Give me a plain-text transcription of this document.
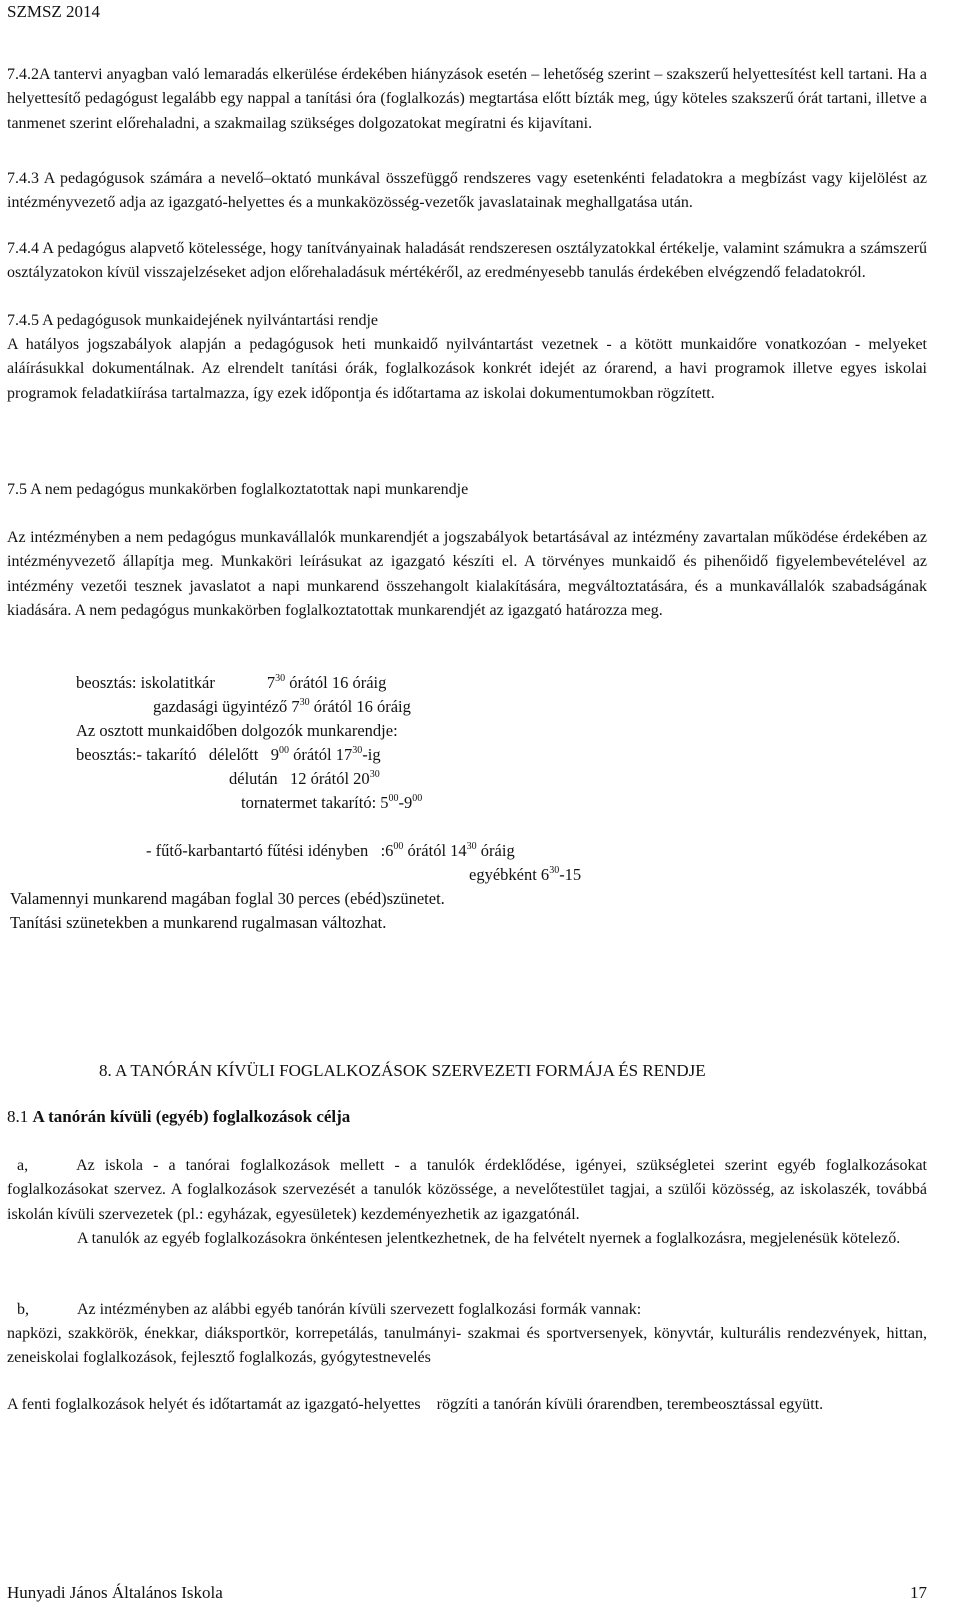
SZMSZ 2014

7.4.2A tantervi anyagban való lemaradás elkerülése érdekében hiányzások esetén – lehetőség szerint – szakszerű helyettesítést kell tartani. Ha a helyettesítő pedagógust legalább egy nappal a tanítási óra (foglalkozás) megtartása előtt bízták meg, úgy köteles szakszerű órát tartani, illetve a tanmenet szerint előrehaladni, a szakmailag szükséges dolgozatokat megíratni és kijavítani.

7.4.3 A pedagógusok számára a nevelő–oktató munkával összefüggő rendszeres vagy esetenkénti feladatokra a megbízást vagy kijelölést az intézményvezető adja az igazgató-helyettes és a munkaközösség-vezetők javaslatainak meghallgatása után.

7.4.4 A pedagógus alapvető kötelessége, hogy tanítványainak haladását rendszeresen osztályzatokkal értékelje, valamint számukra a számszerű osztályzatokon kívül visszajelzéseket adjon előrehaladásuk mértékéről, az eredményesebb tanulás érdekében elvégzendő feladatokról.

7.4.5 A pedagógusok munkaidejének nyilvántartási rendje

A hatályos jogszabályok alapján a pedagógusok heti munkaidő nyilvántartást vezetnek - a kötött munkaidőre vonatkozóan - melyeket aláírásukkal dokumentálnak. Az elrendelt tanítási órák, foglalkozások konkrét idejét az órarend, a havi programok illetve egyes iskolai programok feladatkiírása tartalmazza, így ezek időpontja és időtartama az iskolai dokumentumokban rögzített.

7.5 A nem pedagógus munkakörben foglalkoztatottak napi munkarendje

Az intézményben a nem pedagógus munkavállalók munkarendjét a jogszabályok betartásával az intézmény zavartalan működése érdekében az intézményvezető állapítja meg. Munkaköri leírásukat az igazgató készíti el. A törvényes munkaidő és pihenőidő figyelembevételével az intézmény vezetői tesznek javaslatot a napi munkarend összehangolt kialakítására, megváltoztatására, és a munkavállalók szabadságának kiadására. A nem pedagógus munkakörben foglalkoztatottak munkarendjét az igazgató határozza meg.

beosztás: iskolatitkár	$7^{30}$ órától 16 óráig

gazdasági ügyintéző $7^{30}$ órától 16 óráig

Az osztott munkaidőben dolgozók munkarendje:

beosztás:- takarító   délelőtt   $9^{00}$ órától $17^{30}-ig$

délután   12 órától $20^{30}$

tornatermet takarító: $5^{00}-9^{00}$

- fűtő-karbantartó fűtési idényben   $:6^{00}$ órától $14^{30}$ óráig

egyébként $6^{30}-15$

Valamennyi munkarend magában foglal 30 perces (ebéd)szünetet.

Tanítási szünetekben a munkarend rugalmasan változhat.

8. A TANÓRÁN KÍVÜLI FOGLALKOZÁSOK SZERVEZETI FORMÁJA ÉS RENDJE
8.1 A tanórán kívüli (egyéb) foglalkozások célja

a,	Az iskola - a tanórai foglalkozások mellett - a tanulók érdeklődése, igényei, szükségletei szerint egyéb foglalkozásokat foglalkozásokat szervez. A foglalkozások szervezését a tanulók közössége, a nevelőtestület tagjai, a szülői közösség, az iskolaszék, továbbá iskolán kívüli szervezetek (pl.: egyházak, egyesületek) kezdeményezhetik az igazgatónál.

A tanulók az egyéb foglalkozásokra önkéntesen jelentkezhetnek, de ha felvételt nyernek a foglalkozásra, megjelenésük kötelező.

b,	Az intézményben az alábbi egyéb tanórán kívüli szervezett foglalkozási formák vannak:

napközi, szakkörök, énekkar, diáksportkör, korrepetálás, tanulmányi- szakmai és sportversenyek, könyvtár, kulturális rendezvények, hittan, zeneiskolai foglalkozások, fejlesztő foglalkozás, gyógytestnevelés

A fenti foglalkozások helyét és időtartamát az igazgató-helyettes    rögzíti a tanórán kívüli órarendben, terembeosztással együtt.

Hunyadi János Általános Iskola	17
